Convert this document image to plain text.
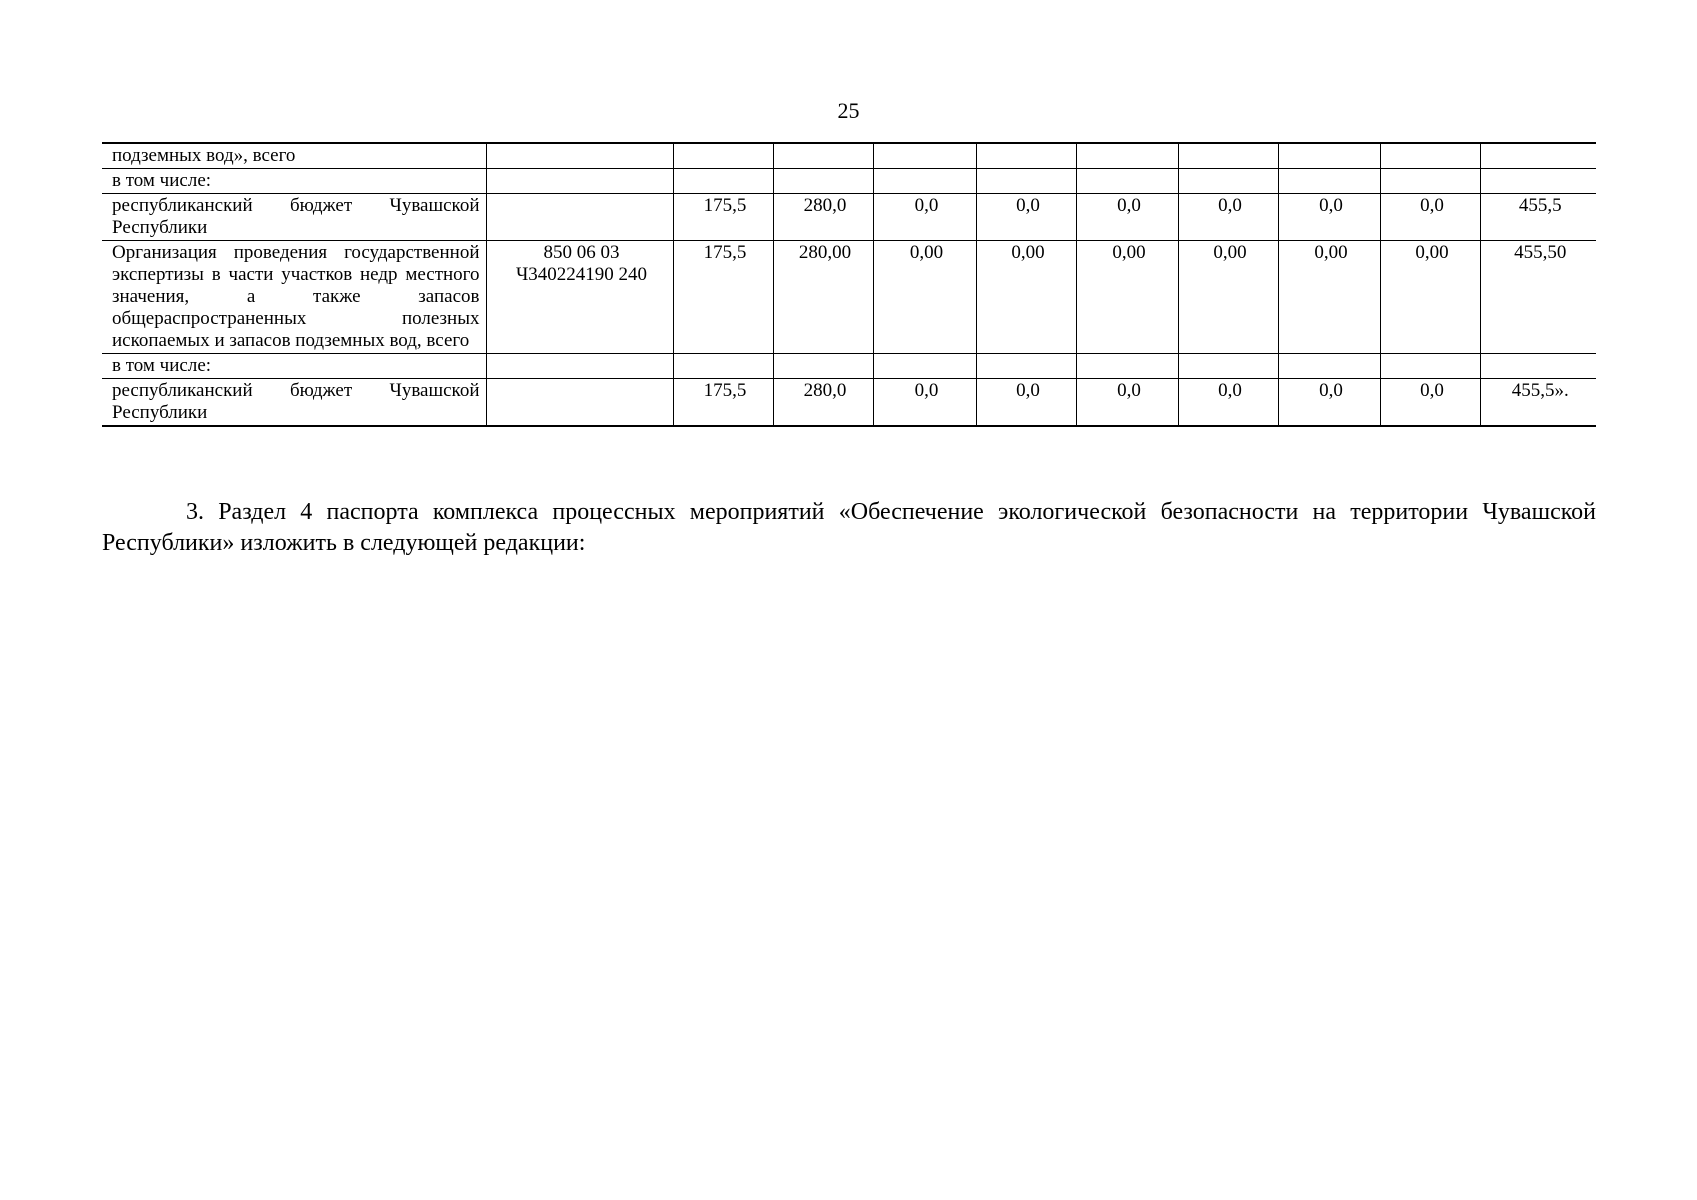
25
подземных вод», всего										
в том числе:										
республиканский бюджет Чувашской Республики		175,5	280,0	0,0	0,0	0,0	0,0	0,0	0,0	455,5
Организация проведения государственной экспертизы в части участков недр местного значения, а также запасов общераспространенных полезных ископаемых и запасов подземных вод, всего	850 06 03 Ч340224190 240	175,5	280,00	0,00	0,00	0,00	0,00	0,00	0,00	455,50
в том числе:										
республиканский бюджет Чувашской Республики		175,5	280,0	0,0	0,0	0,0	0,0	0,0	0,0	455,5».
3. Раздел 4 паспорта комплекса процессных мероприятий «Обеспечение экологической безопасности на территории Чувашской Республики» изложить в следующей редакции:
